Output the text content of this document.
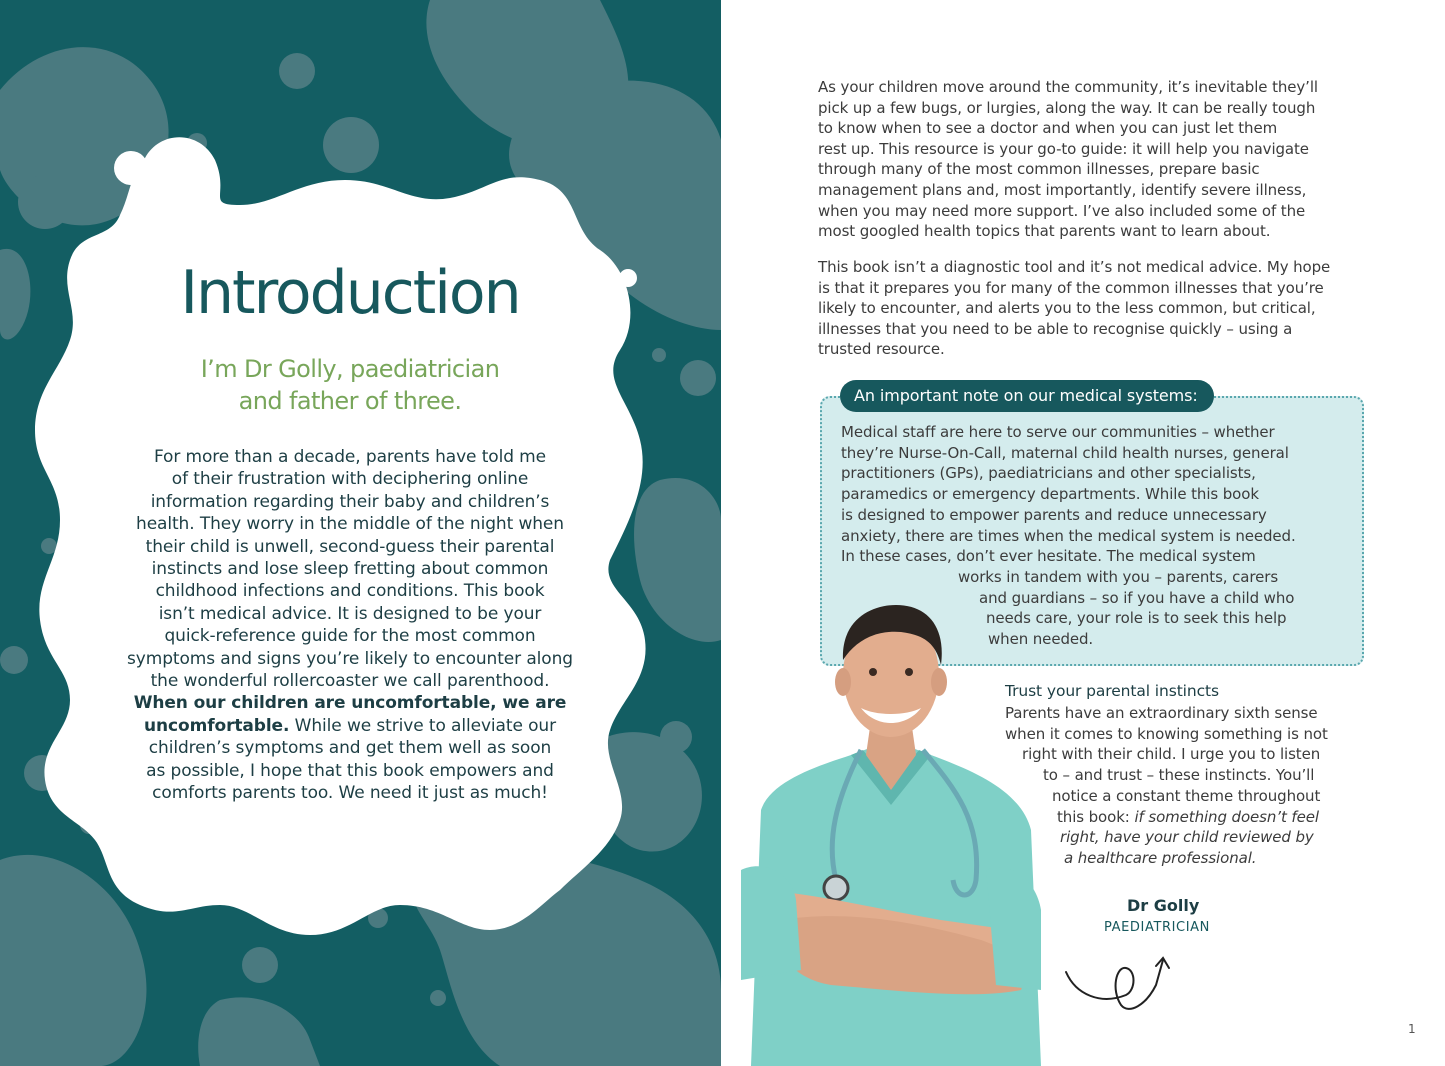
Introduction
I’m Dr Golly, paediatrician
and father of three.

For more than a decade, parents have told me
of their frustration with deciphering online
information regarding their baby and children’s
health. They worry in the middle of the night when
their child is unwell, second-guess their parental
instincts and lose sleep fretting about common
childhood infections and conditions. This book
isn’t medical advice. It is designed to be your
quick-reference guide for the most common
symptoms and signs you’re likely to encounter along
the wonderful rollercoaster we call parenthood.
When our children are uncomfortable, we are
uncomfortable. While we strive to alleviate our
children’s symptoms and get them well as soon
as possible, I hope that this book empowers and
comforts parents too. We need it just as much!

As your children move around the community, it’s inevitable they’ll
pick up a few bugs, or lurgies, along the way. It can be really tough
to know when to see a doctor and when you can just let them
rest up. This resource is your go-to guide: it will help you navigate
through many of the most common illnesses, prepare basic
management plans and, most importantly, identify severe illness,
when you may need more support. I’ve also included some of the
most googled health topics that parents want to learn about.

This book isn’t a diagnostic tool and it’s not medical advice. My hope
is that it prepares you for many of the common illnesses that you’re
likely to encounter, and alerts you to the less common, but critical,
illnesses that you need to be able to recognise quickly – using a
trusted resource.

An important note on our medical systems:

Medical staff are here to serve our communities – whether
they’re Nurse-On-Call, maternal child health nurses, general
practitioners (GPs), paediatricians and other specialists,
paramedics or emergency departments. While this book
is designed to empower parents and reduce unnecessary
anxiety, there are times when the medical system is needed.
In these cases, don’t ever hesitate. The medical system
works in tandem with you – parents, carers
and guardians – so if you have a child who
needs care, your role is to seek this help
when needed.

Trust your parental instincts

Parents have an extraordinary sixth sense
when it comes to knowing something is not
right with their child. I urge you to listen
to – and trust – these instincts. You’ll
notice a constant theme throughout
this book: if something doesn’t feel
right, have your child reviewed by
a healthcare professional.

Dr Golly
PAEDIATRICIAN
1
